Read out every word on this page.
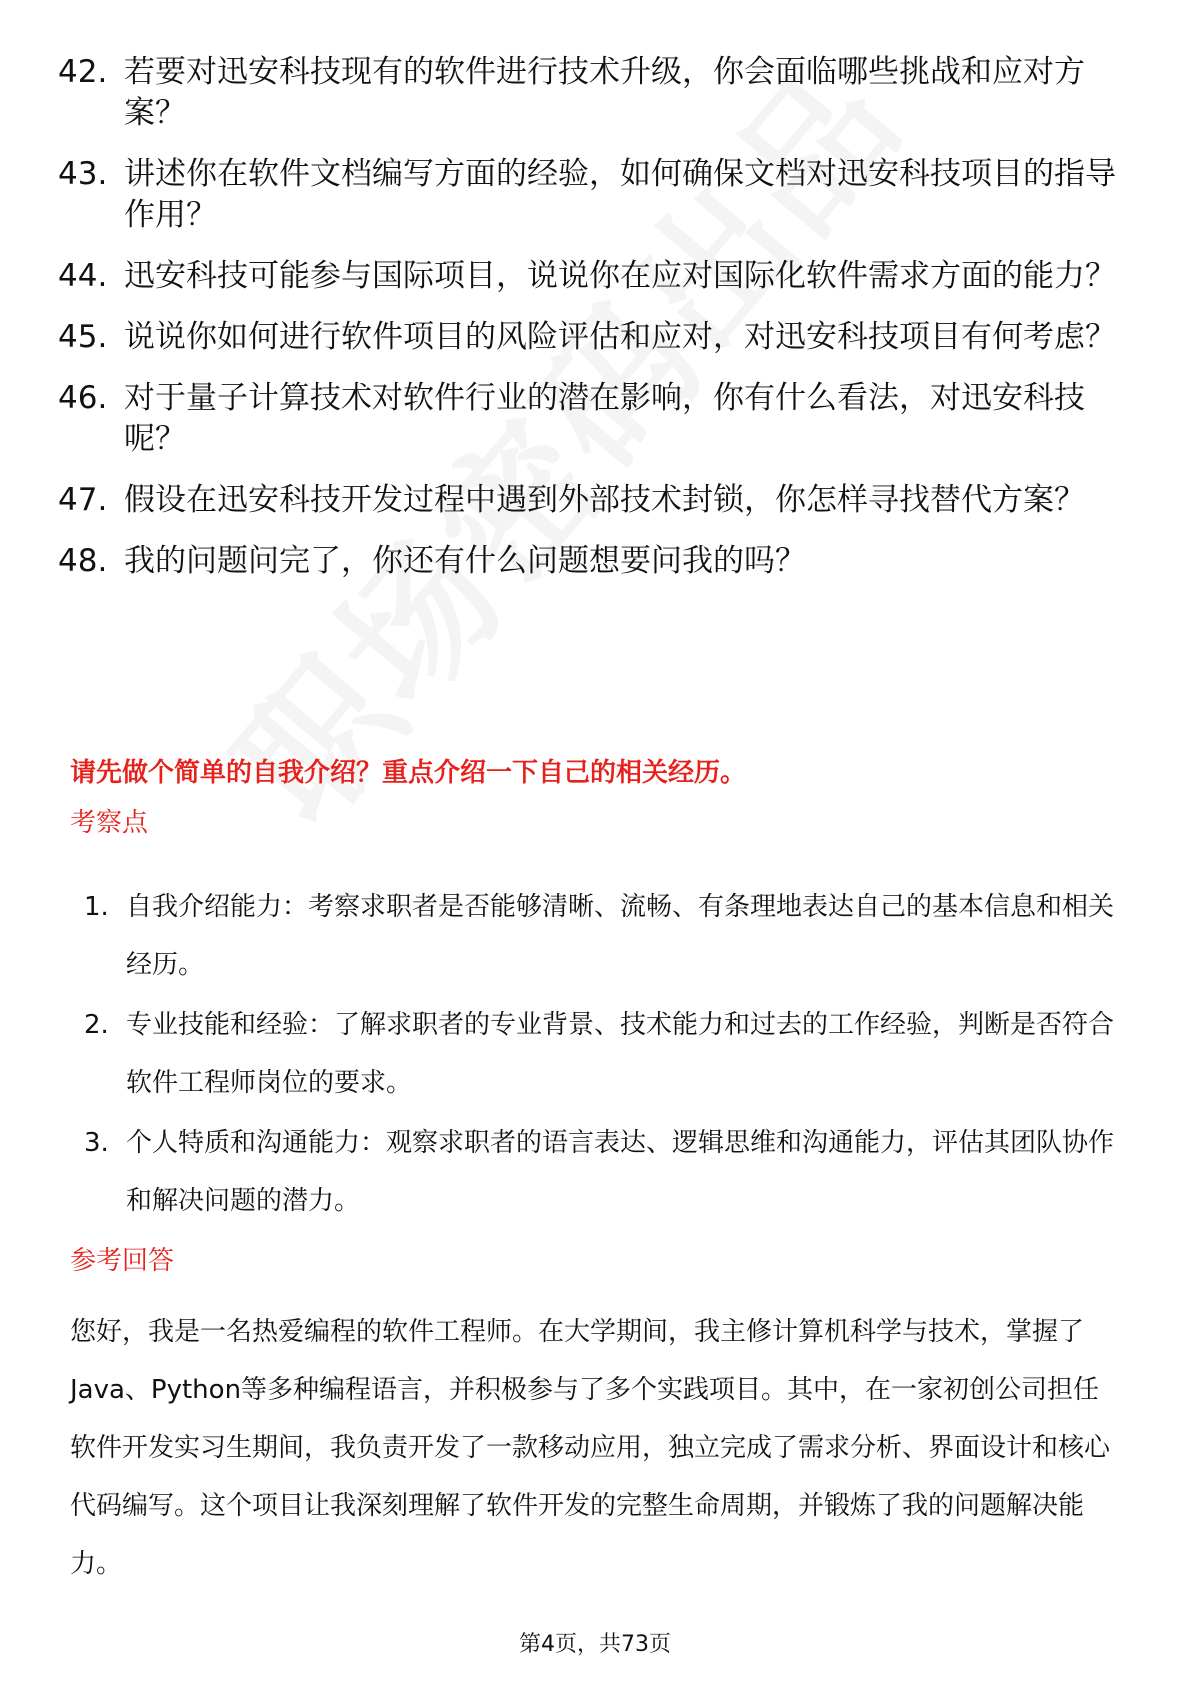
42. 若要对迅安科技现有的软件进行技术升级，你会面临哪些挑战和应对方案？
43. 讲述你在软件文档编写方面的经验，如何确保文档对迅安科技项目的指导作用？
44. 迅安科技可能参与国际项目，说说你在应对国际化软件需求方面的能力？
45. 说说你如何进行软件项目的风险评估和应对，对迅安科技项目有何考虑？
46. 对于量子计算技术对软件行业的潜在影响，你有什么看法，对迅安科技呢？
47. 假设在迅安科技开发过程中遇到外部技术封锁，你怎样寻找替代方案？
48. 我的问题问完了，你还有什么问题想要问我的吗？
请先做个简单的自我介绍？重点介绍一下自己的相关经历。
考察点
1. 自我介绍能力：考察求职者是否能够清晰、流畅、有条理地表达自己的基本信息和相关经历。
2. 专业技能和经验：了解求职者的专业背景、技术能力和过去的工作经验，判断是否符合软件工程师岗位的要求。
3. 个人特质和沟通能力：观察求职者的语言表达、逻辑思维和沟通能力，评估其团队协作和解决问题的潜力。
参考回答

您好，我是一名热爱编程的软件工程师。在大学期间，我主修计算机科学与技术，掌握了Java、Python等多种编程语言，并积极参与了多个实践项目。其中，在一家初创公司担任软件开发实习生期间，我负责开发了一款移动应用，独立完成了需求分析、界面设计和核心代码编写。这个项目让我深刻理解了软件开发的完整生命周期，并锻炼了我的问题解决能力。

第4页，共73页
